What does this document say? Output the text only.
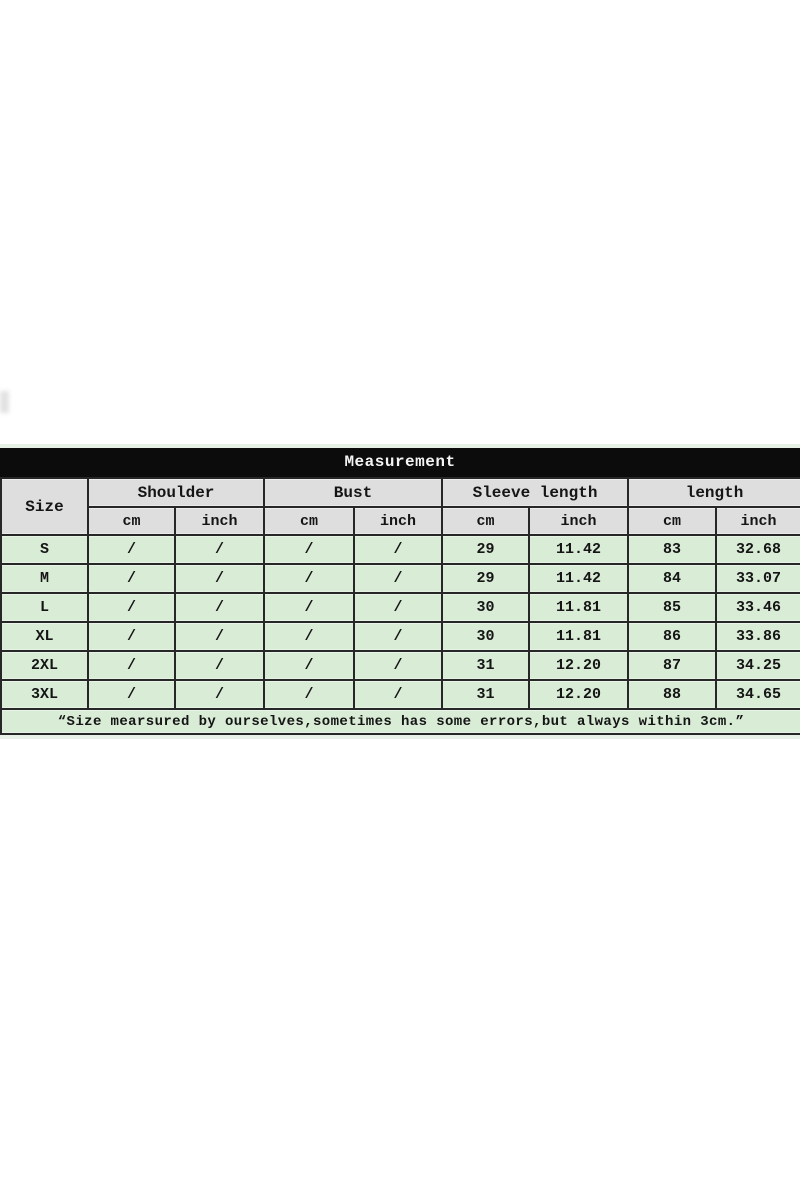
Measurement
Size	Shoulder		Bust		Sleeve length		length	
	cm	inch	cm	inch	cm	inch	cm	inch
S	/	/	/	/	29	11.42	83	32.68
M	/	/	/	/	29	11.42	84	33.07
L	/	/	/	/	30	11.81	85	33.46
XL	/	/	/	/	30	11.81	86	33.86
2XL	/	/	/	/	31	12.20	87	34.25
3XL	/	/	/	/	31	12.20	88	34.65
“Size mearsured by ourselves,sometimes has some errors,but always within 3cm.”								
